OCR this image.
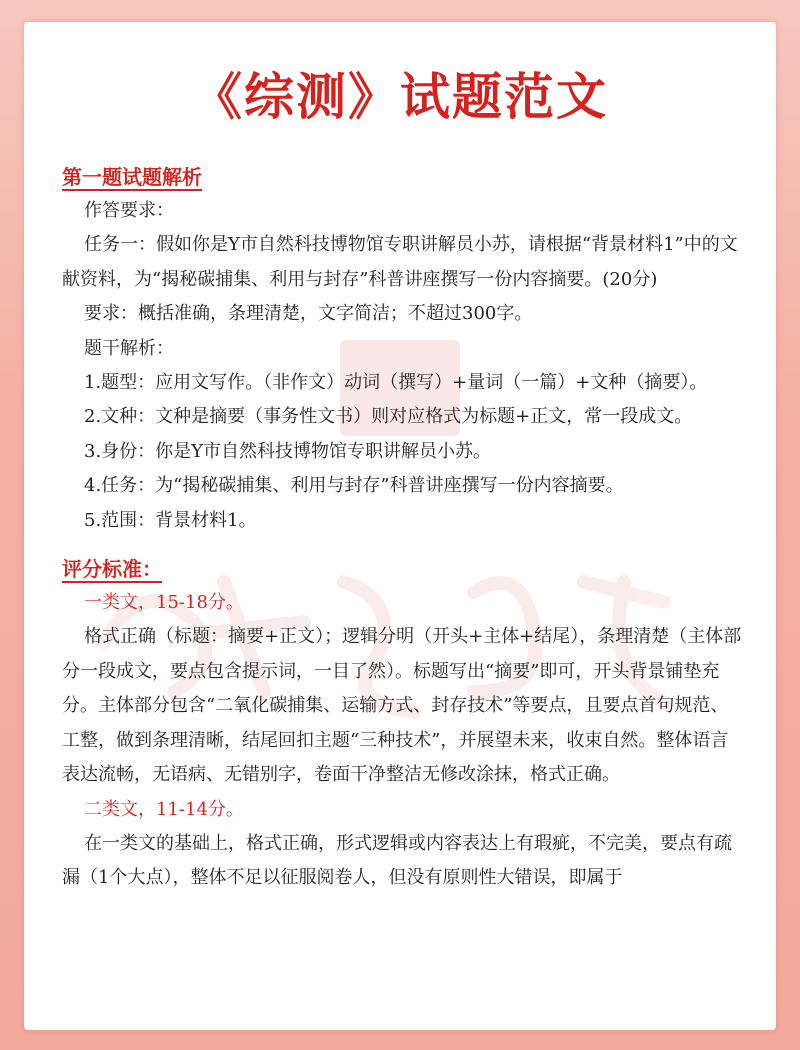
《综测》试题范文
第一题试题解析

作答要求：

任务一：假如你是Y市自然科技博物馆专职讲解员小苏，请根据“背景材料1”中的文献资料，为“揭秘碳捕集、利用与封存”科普讲座撰写一份内容摘要。(20分)

要求：概括准确，条理清楚，文字简洁；不超过300字。

题干解析：

1.题型：应用文写作。（非作文）动词（撰写）+量词（一篇）+文种（摘要）。

2.文种：文种是摘要（事务性文书）则对应格式为标题+正文，常一段成文。

3.身份：你是Y市自然科技博物馆专职讲解员小苏。

4.任务：为“揭秘碳捕集、利用与封存”科普讲座撰写一份内容摘要。

5.范围：背景材料1。

评分标准：

一类文，15-18分。

格式正确（标题：摘要+正文）；逻辑分明（开头+主体+结尾），条理清楚（主体部分一段成文，要点包含提示词，一目了然）。标题写出“摘要”即可，开头背景铺垫充分。主体部分包含“二氧化碳捕集、运输方式、封存技术”等要点，且要点首句规范、工整，做到条理清晰，结尾回扣主题“三种技术”，并展望未来，收束自然。整体语言表达流畅，无语病、无错别字，卷面干净整洁无修改涂抹，格式正确。

二类文，11-14分。

在一类文的基础上，格式正确，形式逻辑或内容表达上有瑕疵，不完美，要点有疏漏（1个大点），整体不足以征服阅卷人，但没有原则性大错误，即属于
